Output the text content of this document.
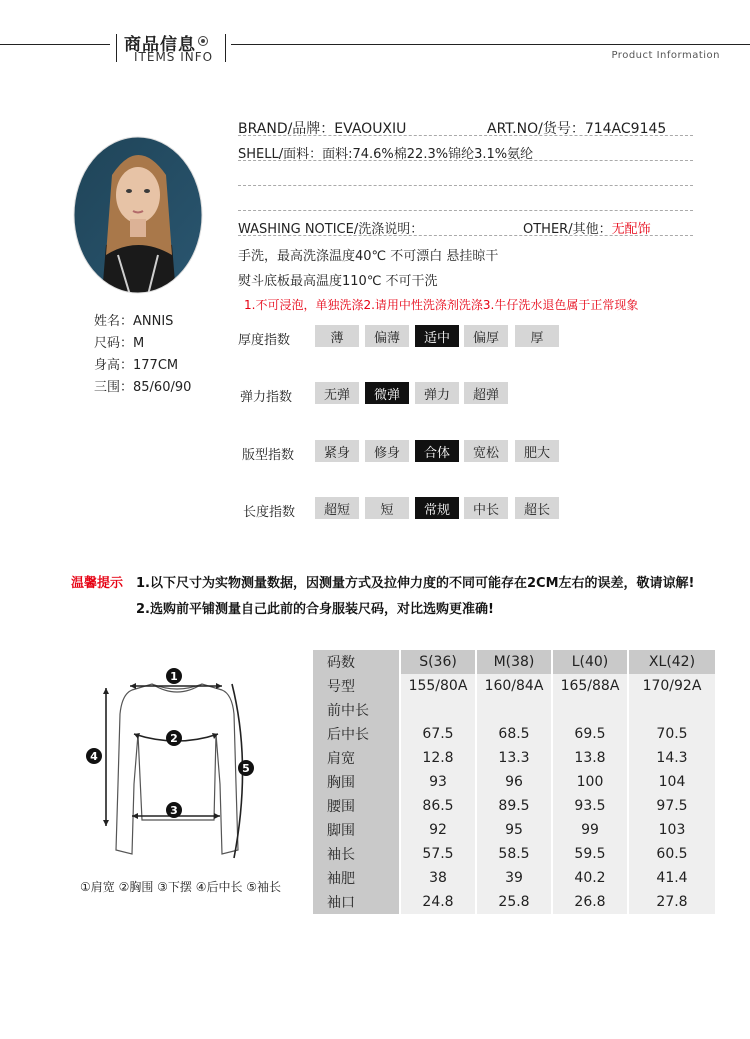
商品信息
ITEMS INFO	Product Information
姓名：ANNIS
尺码：M
身高：177CM
三围：85/60/90
BRAND/品牌：EVAOUXIU	ART.NO/货号：714AC9145
SHELL/面料：面料:74.6%棉22.3%锦纶3.1%氨纶
WASHING NOTICE/洗涤说明：	OTHER/其他：无配饰
手洗，最高洗涤温度40℃ 不可漂白 悬挂晾干
熨斗底板最高温度110℃ 不可干洗
1.不可浸泡，单独洗涤2.请用中性洗涤剂洗涤3.牛仔洗水退色属于正常现象
厚度指数	薄	偏薄	适中	偏厚	厚
弹力指数	无弹	微弹	弹力	超弹
版型指数	紧身	修身	合体	宽松	肥大
长度指数	超短	短	常规	中长	超长
温馨提示 1.以下尺寸为实物测量数据，因测量方式及拉伸力度的不同可能存在2CM左右的误差，敬请谅解!
2.选购前平铺测量自己此前的合身服装尺码，对比选购更准确!
1
2
3
4
5
①肩宽 ②胸围 ③下摆 ④后中长 ⑤袖长
码数	S(36)	M(38)	L(40)	XL(42)
号型	155/80A	160/84A	165/88A	170/92A
前中长				
后中长	67.5	68.5	69.5	70.5
肩宽	12.8	13.3	13.8	14.3
胸围	93	96	100	104
腰围	86.5	89.5	93.5	97.5
脚围	92	95	99	103
袖长	57.5	58.5	59.5	60.5
袖肥	38	39	40.2	41.4
袖口	24.8	25.8	26.8	27.8
